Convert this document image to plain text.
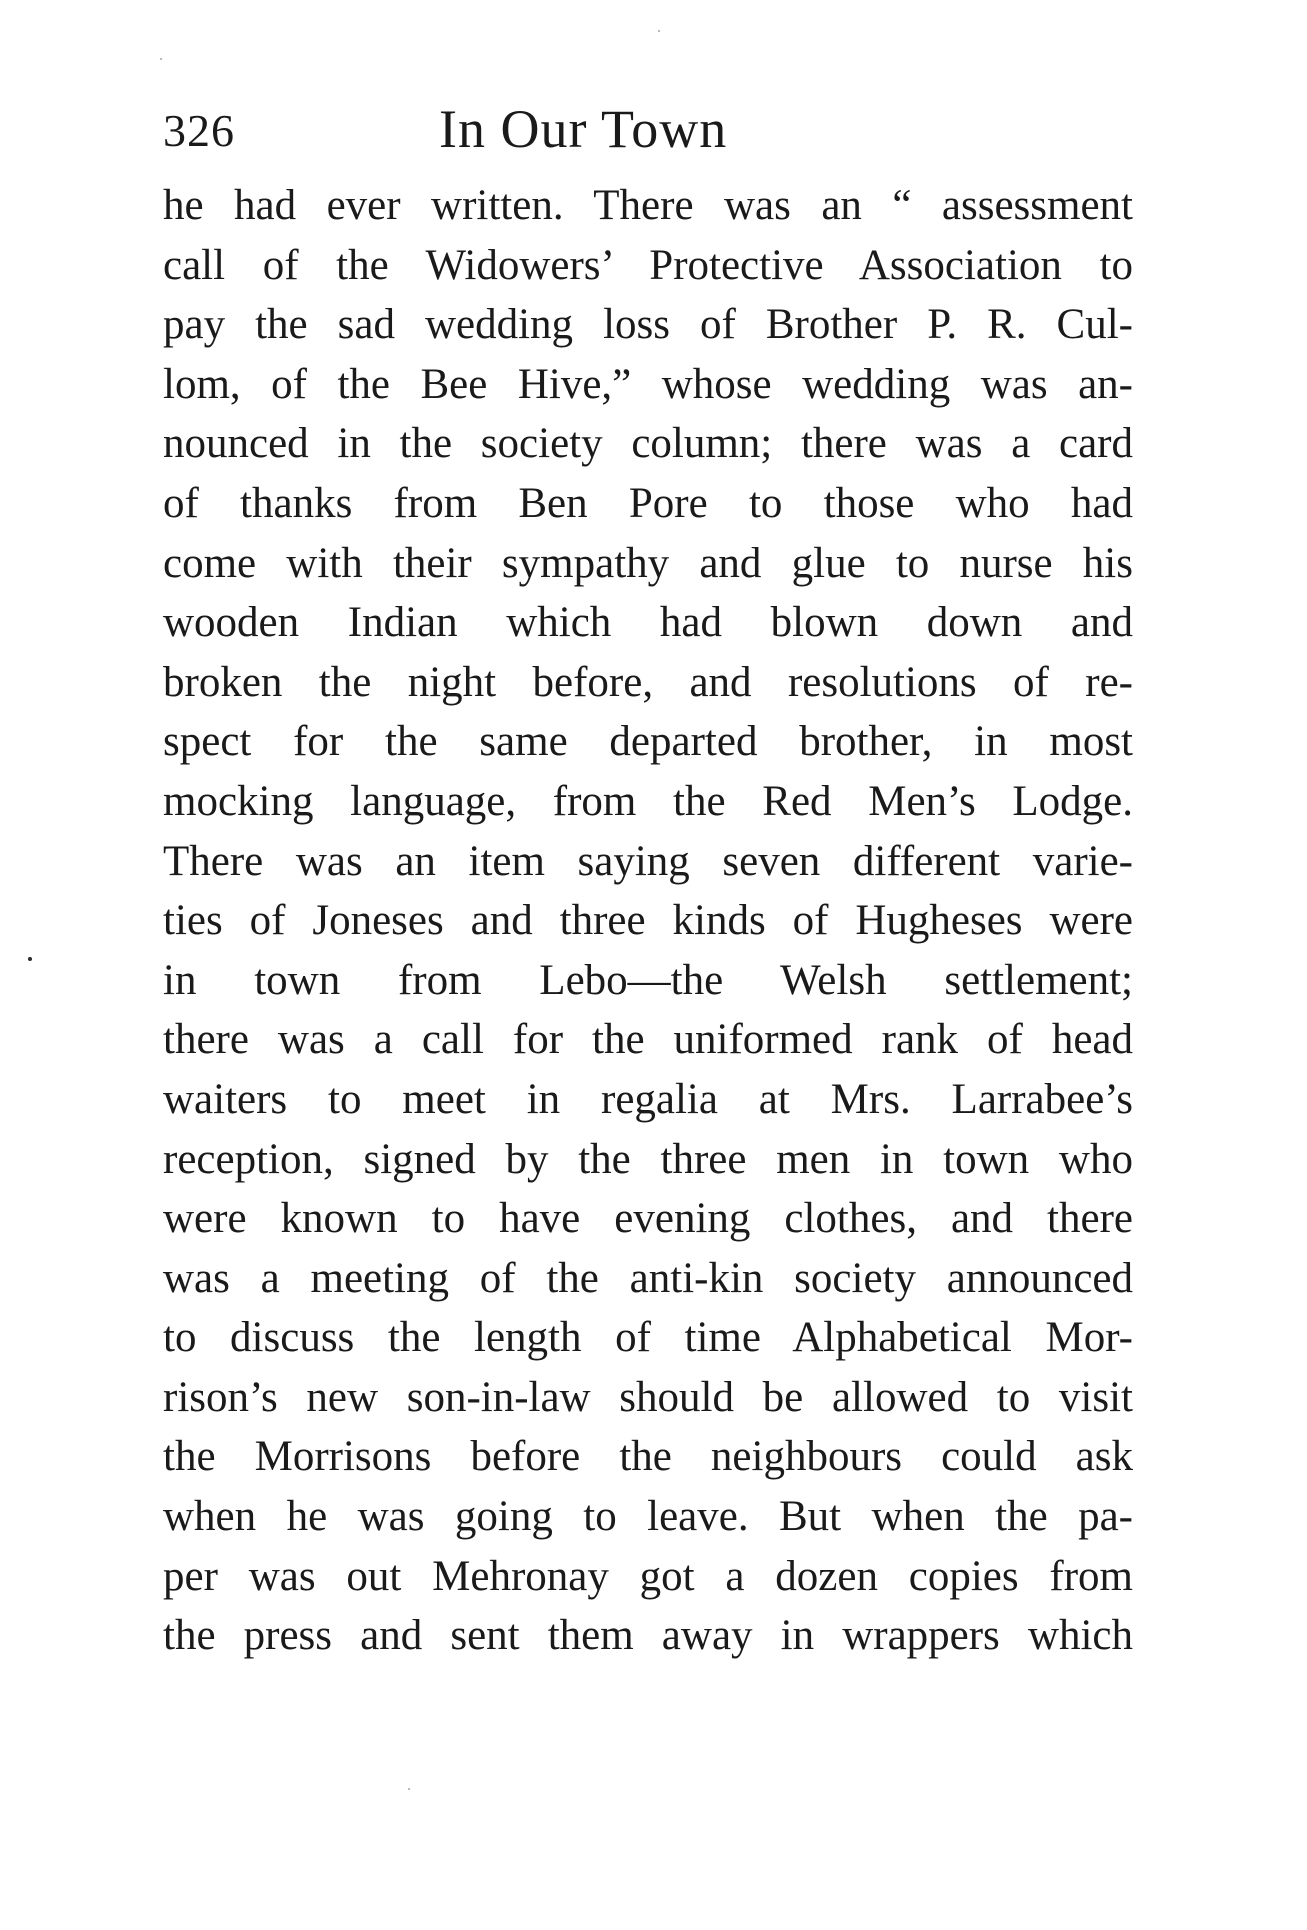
326	In Our Town
he had ever written. There was an “ assessment
call of the Widowers’ Protective Association to
pay the sad wedding loss of Brother P. R. Cul-
lom, of the Bee Hive,” whose wedding was an-
nounced in the society column; there was a card
of thanks from Ben Pore to those who had
come with their sympathy and glue to nurse his
wooden Indian which had blown down and
broken the night before, and resolutions of re-
spect for the same departed brother, in most
mocking language, from the Red Men’s Lodge.
There was an item saying seven different varie-
ties of Joneses and three kinds of Hugheses were
in town from Lebo—the Welsh settlement;
there was a call for the uniformed rank of head
waiters to meet in regalia at Mrs. Larrabee’s
reception, signed by the three men in town who
were known to have evening clothes, and there
was a meeting of the anti-kin society announced
to discuss the length of time Alphabetical Mor-
rison’s new son-in-law should be allowed to visit
the Morrisons before the neighbours could ask
when he was going to leave. But when the pa-
per was out Mehronay got a dozen copies from
the press and sent them away in wrappers which
